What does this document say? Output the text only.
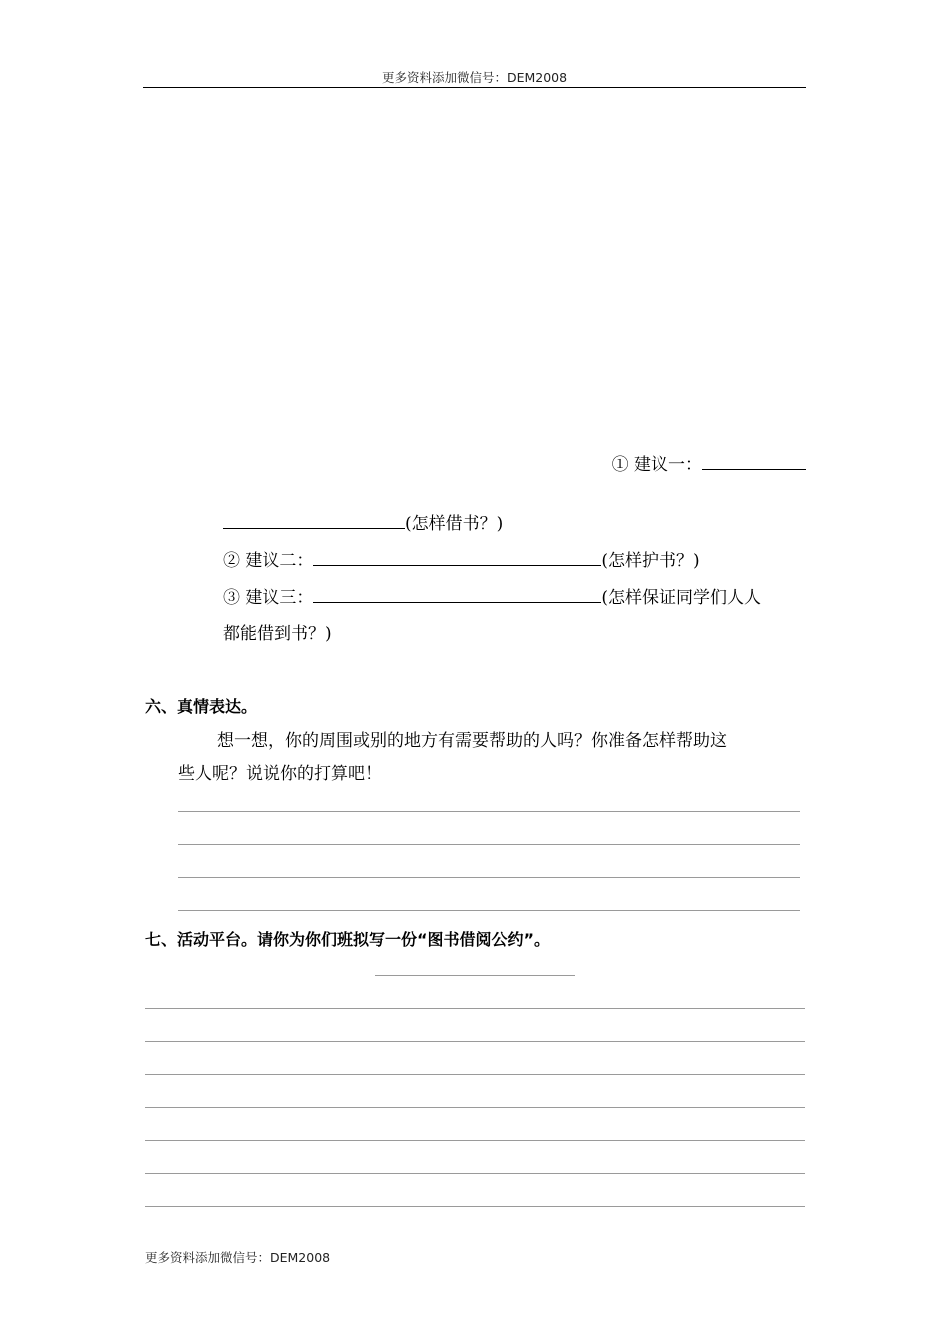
更多资料添加微信号：DEM2008
① 建议一：
(怎样借书？)
② 建议二：	(怎样护书？)
③ 建议三：	(怎样保证同学们人人
都能借到书？)
六、真情表达。
想一想，你的周围或别的地方有需要帮助的人吗？你准备怎样帮助这
些人呢？说说你的打算吧！
七、活动平台。请你为你们班拟写一份“图书借阅公约”。
更多资料添加微信号：DEM2008
